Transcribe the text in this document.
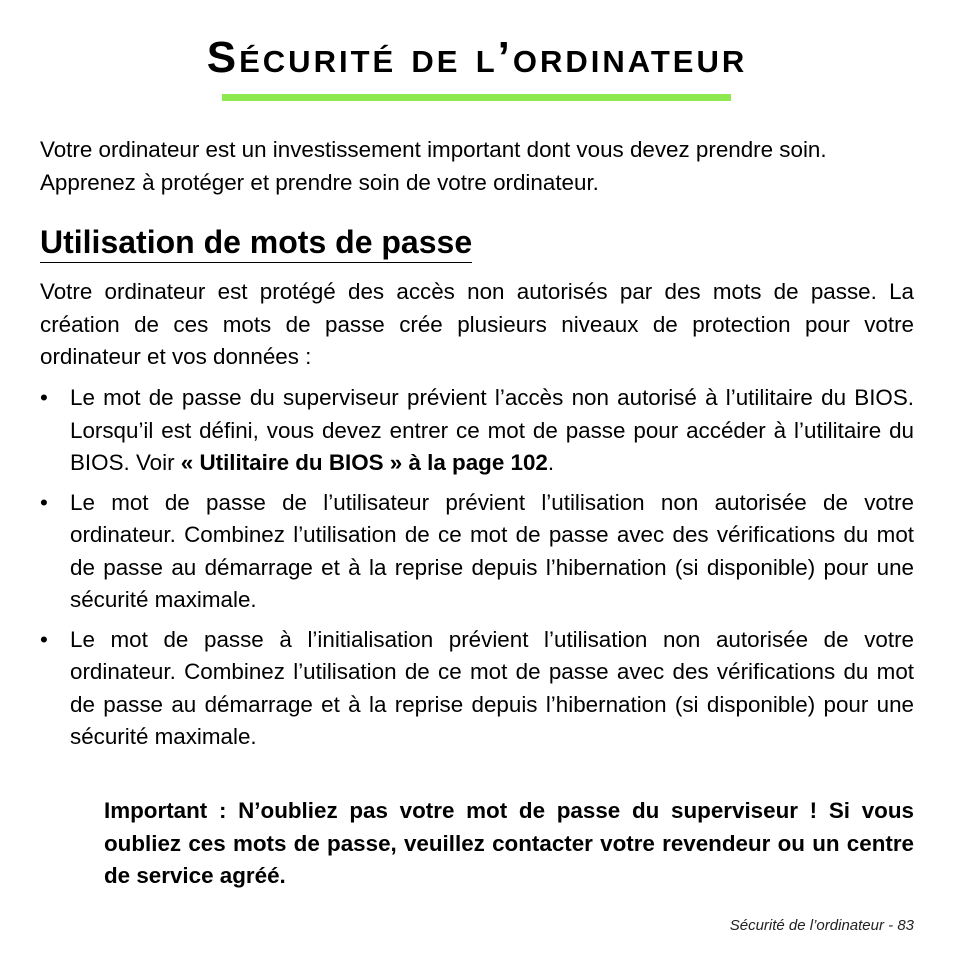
Sécurité de l’ordinateur

Votre ordinateur est un investissement important dont vous devez prendre soin. Apprenez à protéger et prendre soin de votre ordinateur.

Utilisation de mots de passe

Votre ordinateur est protégé des accès non autorisés par des mots de passe. La création de ces mots de passe crée plusieurs niveaux de protection pour votre ordinateur et vos données :

• Le mot de passe du superviseur prévient l’accès non autorisé à l’utilitaire du BIOS. Lorsqu’il est défini, vous devez entrer ce mot de passe pour accéder à l’utilitaire du BIOS. Voir « Utilitaire du BIOS » à la page 102.
• Le mot de passe de l’utilisateur prévient l’utilisation non autorisée de votre ordinateur. Combinez l’utilisation de ce mot de passe avec des vérifications du mot de passe au démarrage et à la reprise depuis l’hibernation (si disponible) pour une sécurité maximale.
• Le mot de passe à l’initialisation prévient l’utilisation non autorisée de votre ordinateur. Combinez l’utilisation de ce mot de passe avec des vérifications du mot de passe au démarrage et à la reprise depuis l’hibernation (si disponible) pour une sécurité maximale.

Important : N’oubliez pas votre mot de passe du superviseur ! Si vous oubliez ces mots de passe, veuillez contacter votre revendeur ou un centre de service agréé.

Sécurité de l’ordinateur - 83
